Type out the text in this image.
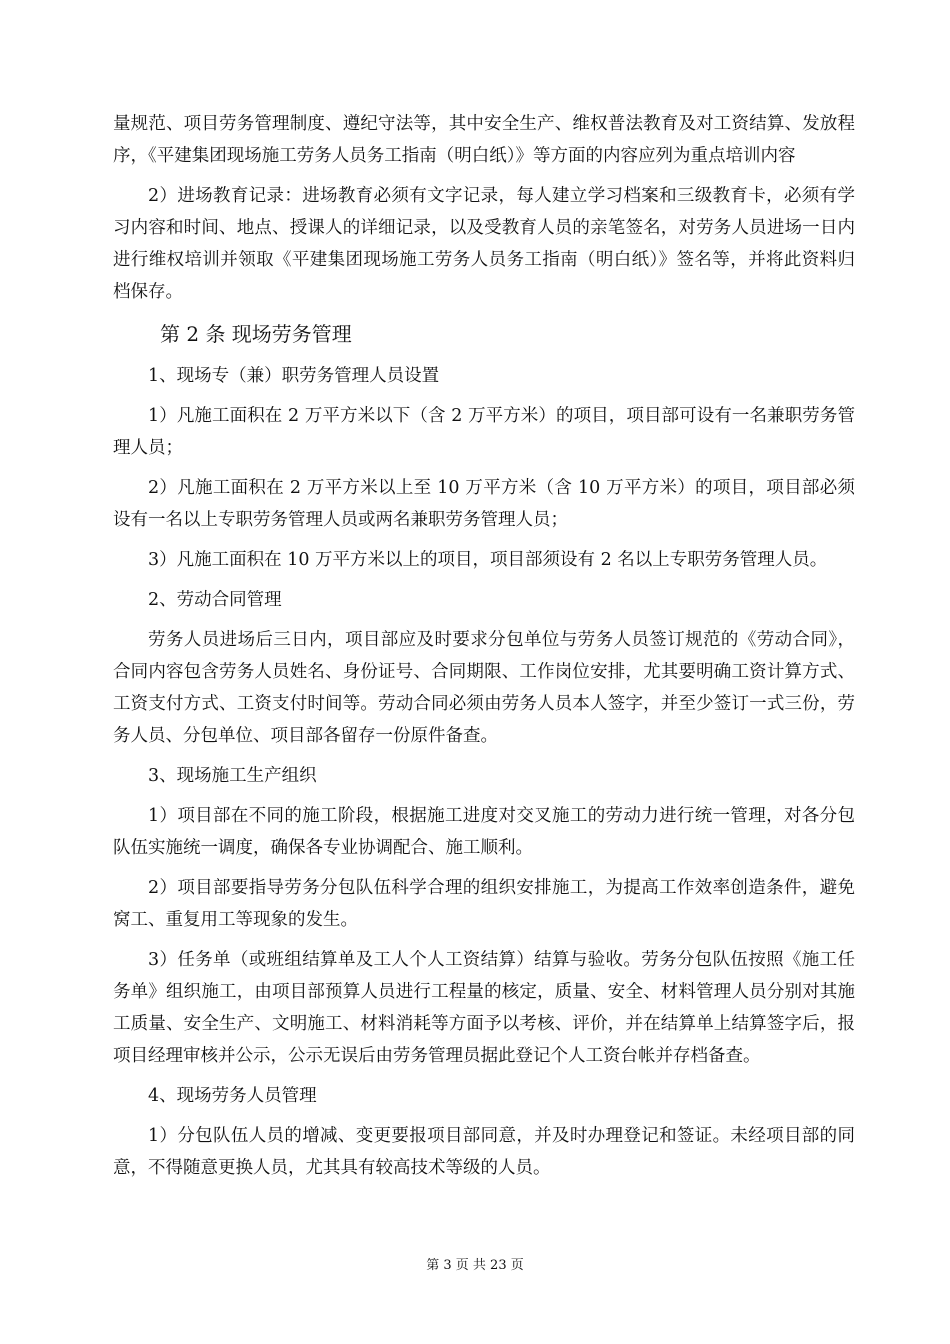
量规范、项目劳务管理制度、遵纪守法等，其中安全生产、维权普法教育及对工资结算、发放程序，《平建集团现场施工劳务人员务工指南（明白纸）》等方面的内容应列为重点培训内容

2）进场教育记录：进场教育必须有文字记录，每人建立学习档案和三级教育卡，必须有学习内容和时间、地点、授课人的详细记录，以及受教育人员的亲笔签名，对劳务人员进场一日内进行维权培训并领取《平建集团现场施工劳务人员务工指南（明白纸）》签名等，并将此资料归档保存。

第 2 条 现场劳务管理

1、现场专（兼）职劳务管理人员设置

1）凡施工面积在 2 万平方米以下（含 2 万平方米）的项目，项目部可设有一名兼职劳务管理人员；

2）凡施工面积在 2 万平方米以上至 10 万平方米（含 10 万平方米）的项目，项目部必须设有一名以上专职劳务管理人员或两名兼职劳务管理人员；

3）凡施工面积在 10 万平方米以上的项目，项目部须设有 2 名以上专职劳务管理人员。

2、劳动合同管理

劳务人员进场后三日内，项目部应及时要求分包单位与劳务人员签订规范的《劳动合同》，合同内容包含劳务人员姓名、身份证号、合同期限、工作岗位安排，尤其要明确工资计算方式、工资支付方式、工资支付时间等。劳动合同必须由劳务人员本人签字，并至少签订一式三份，劳务人员、分包单位、项目部各留存一份原件备查。

3、现场施工生产组织

1）项目部在不同的施工阶段，根据施工进度对交叉施工的劳动力进行统一管理，对各分包队伍实施统一调度，确保各专业协调配合、施工顺利。

2）项目部要指导劳务分包队伍科学合理的组织安排施工，为提高工作效率创造条件，避免窝工、重复用工等现象的发生。

3）任务单（或班组结算单及工人个人工资结算）结算与验收。劳务分包队伍按照《施工任务单》组织施工，由项目部预算人员进行工程量的核定，质量、安全、材料管理人员分别对其施工质量、安全生产、文明施工、材料消耗等方面予以考核、评价，并在结算单上结算签字后，报项目经理审核并公示，公示无误后由劳务管理员据此登记个人工资台帐并存档备查。

4、现场劳务人员管理

1）分包队伍人员的增减、变更要报项目部同意，并及时办理登记和签证。未经项目部的同意，不得随意更换人员，尤其具有较高技术等级的人员。

第 3 页 共 23 页
